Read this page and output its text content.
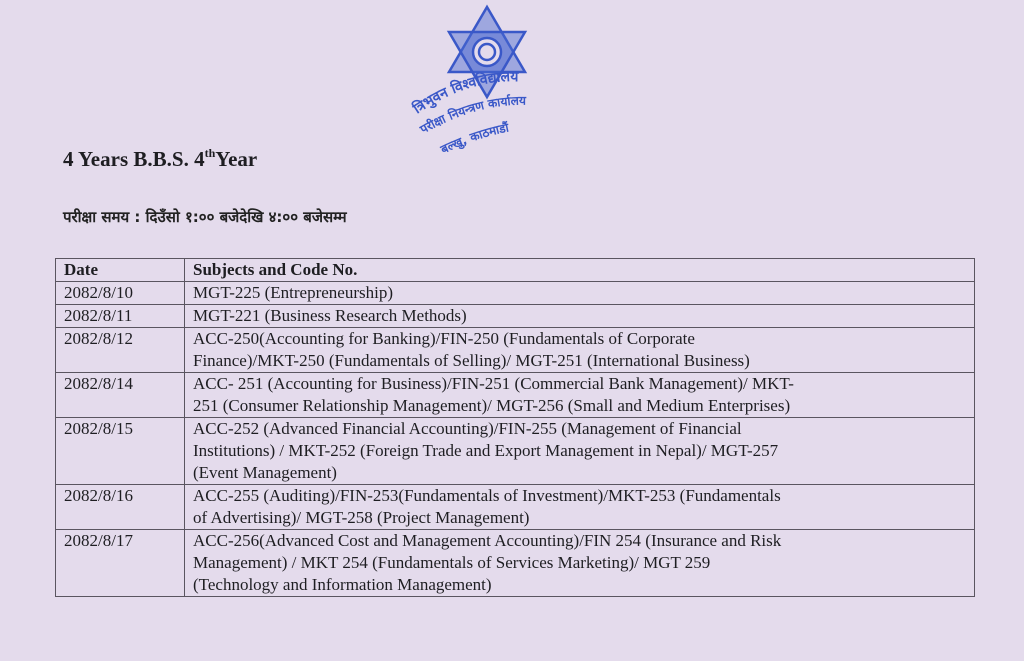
त्रिभुवन विश्वविद्यालय
परीक्षा नियन्त्रण कार्यालय
बल्खु, काठमाडौं
4 Years B.B.S. 4thYear
परीक्षा समय : दिउँसो १:०० बजेदेखि ४:०० बजेसम्म
Date	Subjects and Code No.
2082/8/10	MGT-225 (Entrepreneurship)

2082/8/11	MGT-221 (Business Research Methods)

2082/8/12	ACC-250(Accounting for Banking)/FIN-250 (Fundamentals of Corporate
Finance)/MKT-250 (Fundamentals of Selling)/ MGT-251 (International Business)

2082/8/14	ACC- 251 (Accounting for Business)/FIN-251 (Commercial Bank Management)/ MKT-
251 (Consumer Relationship Management)/ MGT-256 (Small and Medium Enterprises)

2082/8/15	ACC-252 (Advanced Financial Accounting)/FIN-255 (Management of Financial
Institutions) / MKT-252 (Foreign Trade and Export Management in Nepal)/ MGT-257
(Event Management)

2082/8/16	ACC-255 (Auditing)/FIN-253(Fundamentals of Investment)/MKT-253 (Fundamentals
of Advertising)/ MGT-258 (Project Management)

2082/8/17	ACC-256(Advanced Cost and Management Accounting)/FIN 254 (Insurance and Risk
Management) / MKT 254 (Fundamentals of Services Marketing)/ MGT 259
(Technology and Information Management)
